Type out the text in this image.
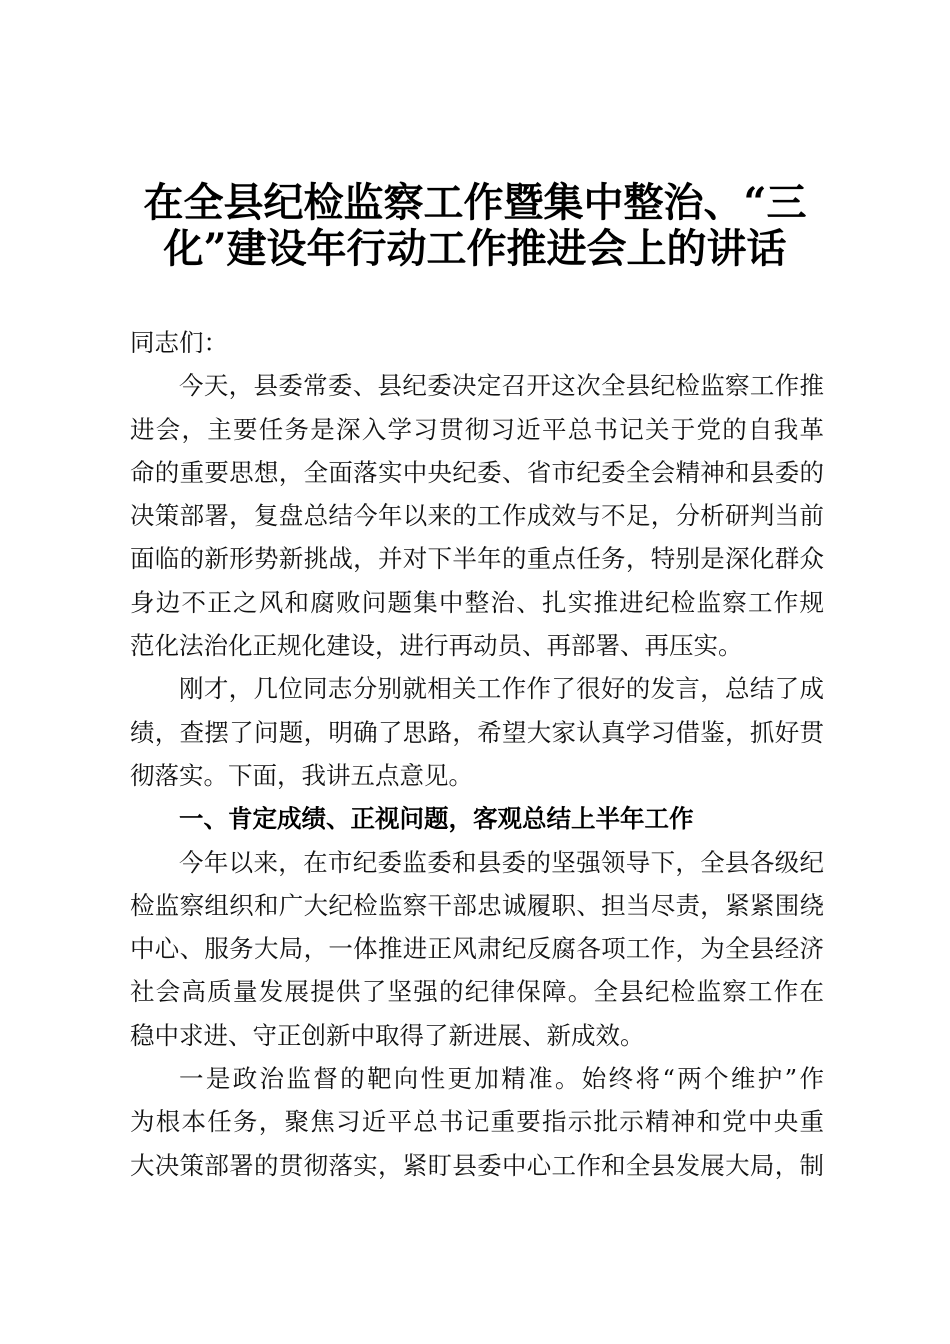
在全县纪检监察工作暨集中整治、“三
化”建设年行动工作推进会上的讲话
同志们：
今天，县委常委、县纪委决定召开这次全县纪检监察工作推
进会，主要任务是深入学习贯彻习近平总书记关于党的自我革
命的重要思想，全面落实中央纪委、省市纪委全会精神和县委的
决策部署，复盘总结今年以来的工作成效与不足，分析研判当前
面临的新形势新挑战，并对下半年的重点任务，特别是深化群众
身边不正之风和腐败问题集中整治、扎实推进纪检监察工作规
范化法治化正规化建设，进行再动员、再部署、再压实。
刚才，几位同志分别就相关工作作了很好的发言，总结了成
绩，查摆了问题，明确了思路，希望大家认真学习借鉴，抓好贯
彻落实。下面，我讲五点意见。
一、肯定成绩、正视问题，客观总结上半年工作
今年以来，在市纪委监委和县委的坚强领导下，全县各级纪
检监察组织和广大纪检监察干部忠诚履职、担当尽责，紧紧围绕
中心、服务大局，一体推进正风肃纪反腐各项工作，为全县经济
社会高质量发展提供了坚强的纪律保障。全县纪检监察工作在
稳中求进、守正创新中取得了新进展、新成效。
一是政治监督的靶向性更加精准。始终将“两个维护”作
为根本任务，聚焦习近平总书记重要指示批示精神和党中央重
大决策部署的贯彻落实，紧盯县委中心工作和全县发展大局，制
